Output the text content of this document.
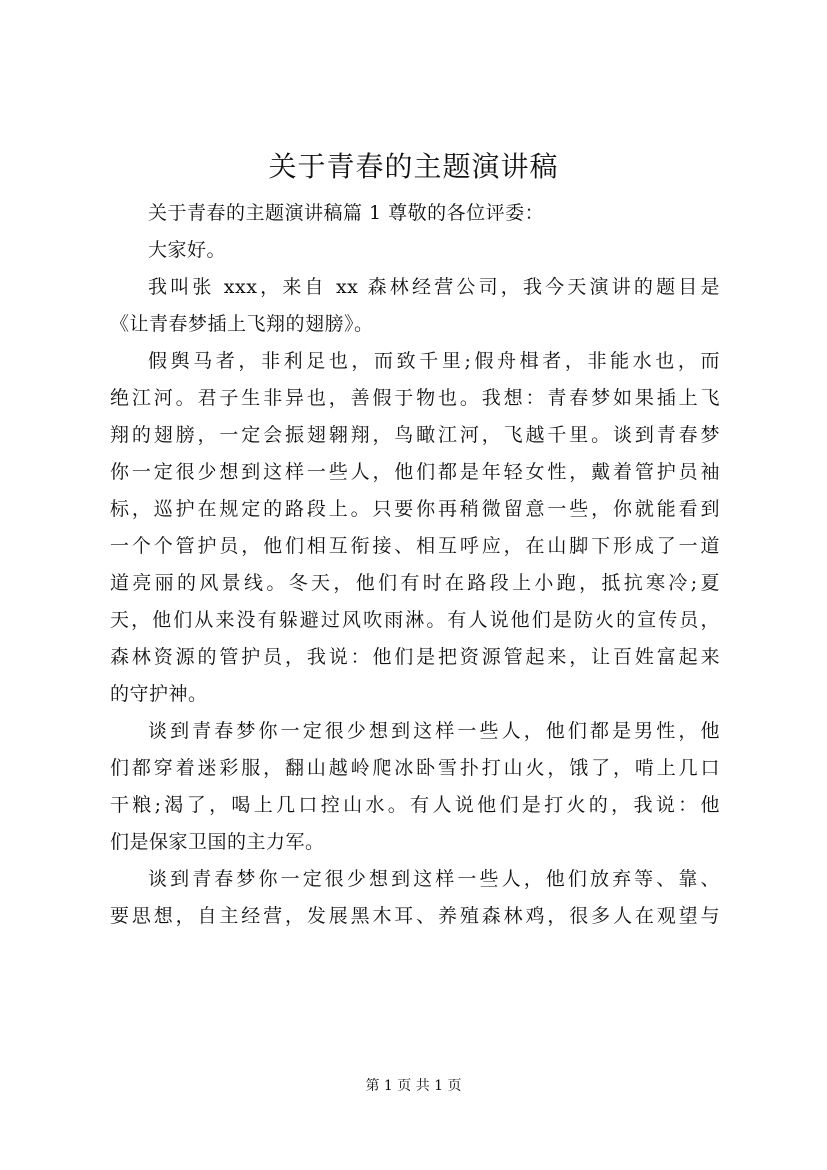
关于青春的主题演讲稿

关于青春的主题演讲稿篇 1 尊敬的各位评委：

大家好。

我叫张 xxx，来自 xx 森林经营公司，我今天演讲的题目是
《让青春梦插上飞翔的翅膀》。

假舆马者，非利足也，而致千里;假舟楫者，非能水也，而
绝江河。君子生非异也，善假于物也。我想：青春梦如果插上飞
翔的翅膀，一定会振翅翱翔，鸟瞰江河，飞越千里。谈到青春梦
你一定很少想到这样一些人，他们都是年轻女性，戴着管护员袖
标，巡护在规定的路段上。只要你再稍微留意一些，你就能看到
一个个管护员，他们相互衔接、相互呼应，在山脚下形成了一道
道亮丽的风景线。冬天，他们有时在路段上小跑，抵抗寒冷;夏
天，他们从来没有躲避过风吹雨淋。有人说他们是防火的宣传员，
森林资源的管护员，我说：他们是把资源管起来，让百姓富起来
的守护神。

谈到青春梦你一定很少想到这样一些人，他们都是男性，他
们都穿着迷彩服，翻山越岭爬冰卧雪扑打山火，饿了，啃上几口
干粮;渴了，喝上几口控山水。有人说他们是打火的，我说：他
们是保家卫国的主力军。

谈到青春梦你一定很少想到这样一些人，他们放弃等、靠、
要思想，自主经营，发展黑木耳、养殖森林鸡，很多人在观望与

第 1 页 共 1 页
